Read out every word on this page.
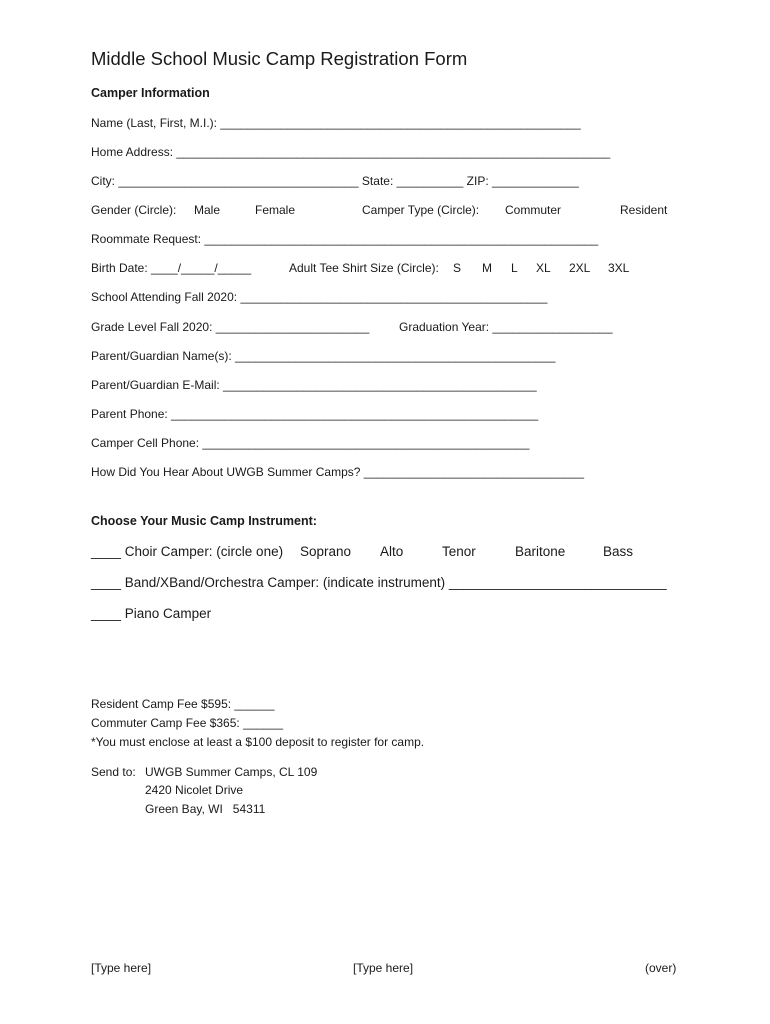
Middle School Music Camp Registration Form
Camper Information
Name (Last, First, M.I.): ______________________________________________________
Home Address: _________________________________________________________________
City: ____________________________________ State: __________ ZIP: _____________
Gender (Circle): Male	Female	Camper Type (Circle): Commuter	Resident
Roommate Request: ___________________________________________________________
Birth Date: ____/_____/_____	Adult Tee Shirt Size (Circle): S M L XL 2XL 3XL
School Attending Fall 2020: ______________________________________________
Grade Level Fall 2020: _______________________ Graduation Year: __________________
Parent/Guardian Name(s): ________________________________________________
Parent/Guardian E-Mail: _______________________________________________
Parent Phone: _______________________________________________________
Camper Cell Phone: _________________________________________________
How Did You Hear About UWGB Summer Camps? _________________________________
Choose Your Music Camp Instrument:
____ Choir Camper: (circle one) Soprano Alto	Tenor	Baritone	Bass
____ Band/XBand/Orchestra Camper: (indicate instrument) _____________________________
____ Piano Camper
Resident Camp Fee $595: ______
Commuter Camp Fee $365: ______
*You must enclose at least a $100 deposit to register for camp.
Send to: UWGB Summer Camps, CL 109
2420 Nicolet Drive
Green Bay, WI   54311
[Type here]	[Type here]	(over)
